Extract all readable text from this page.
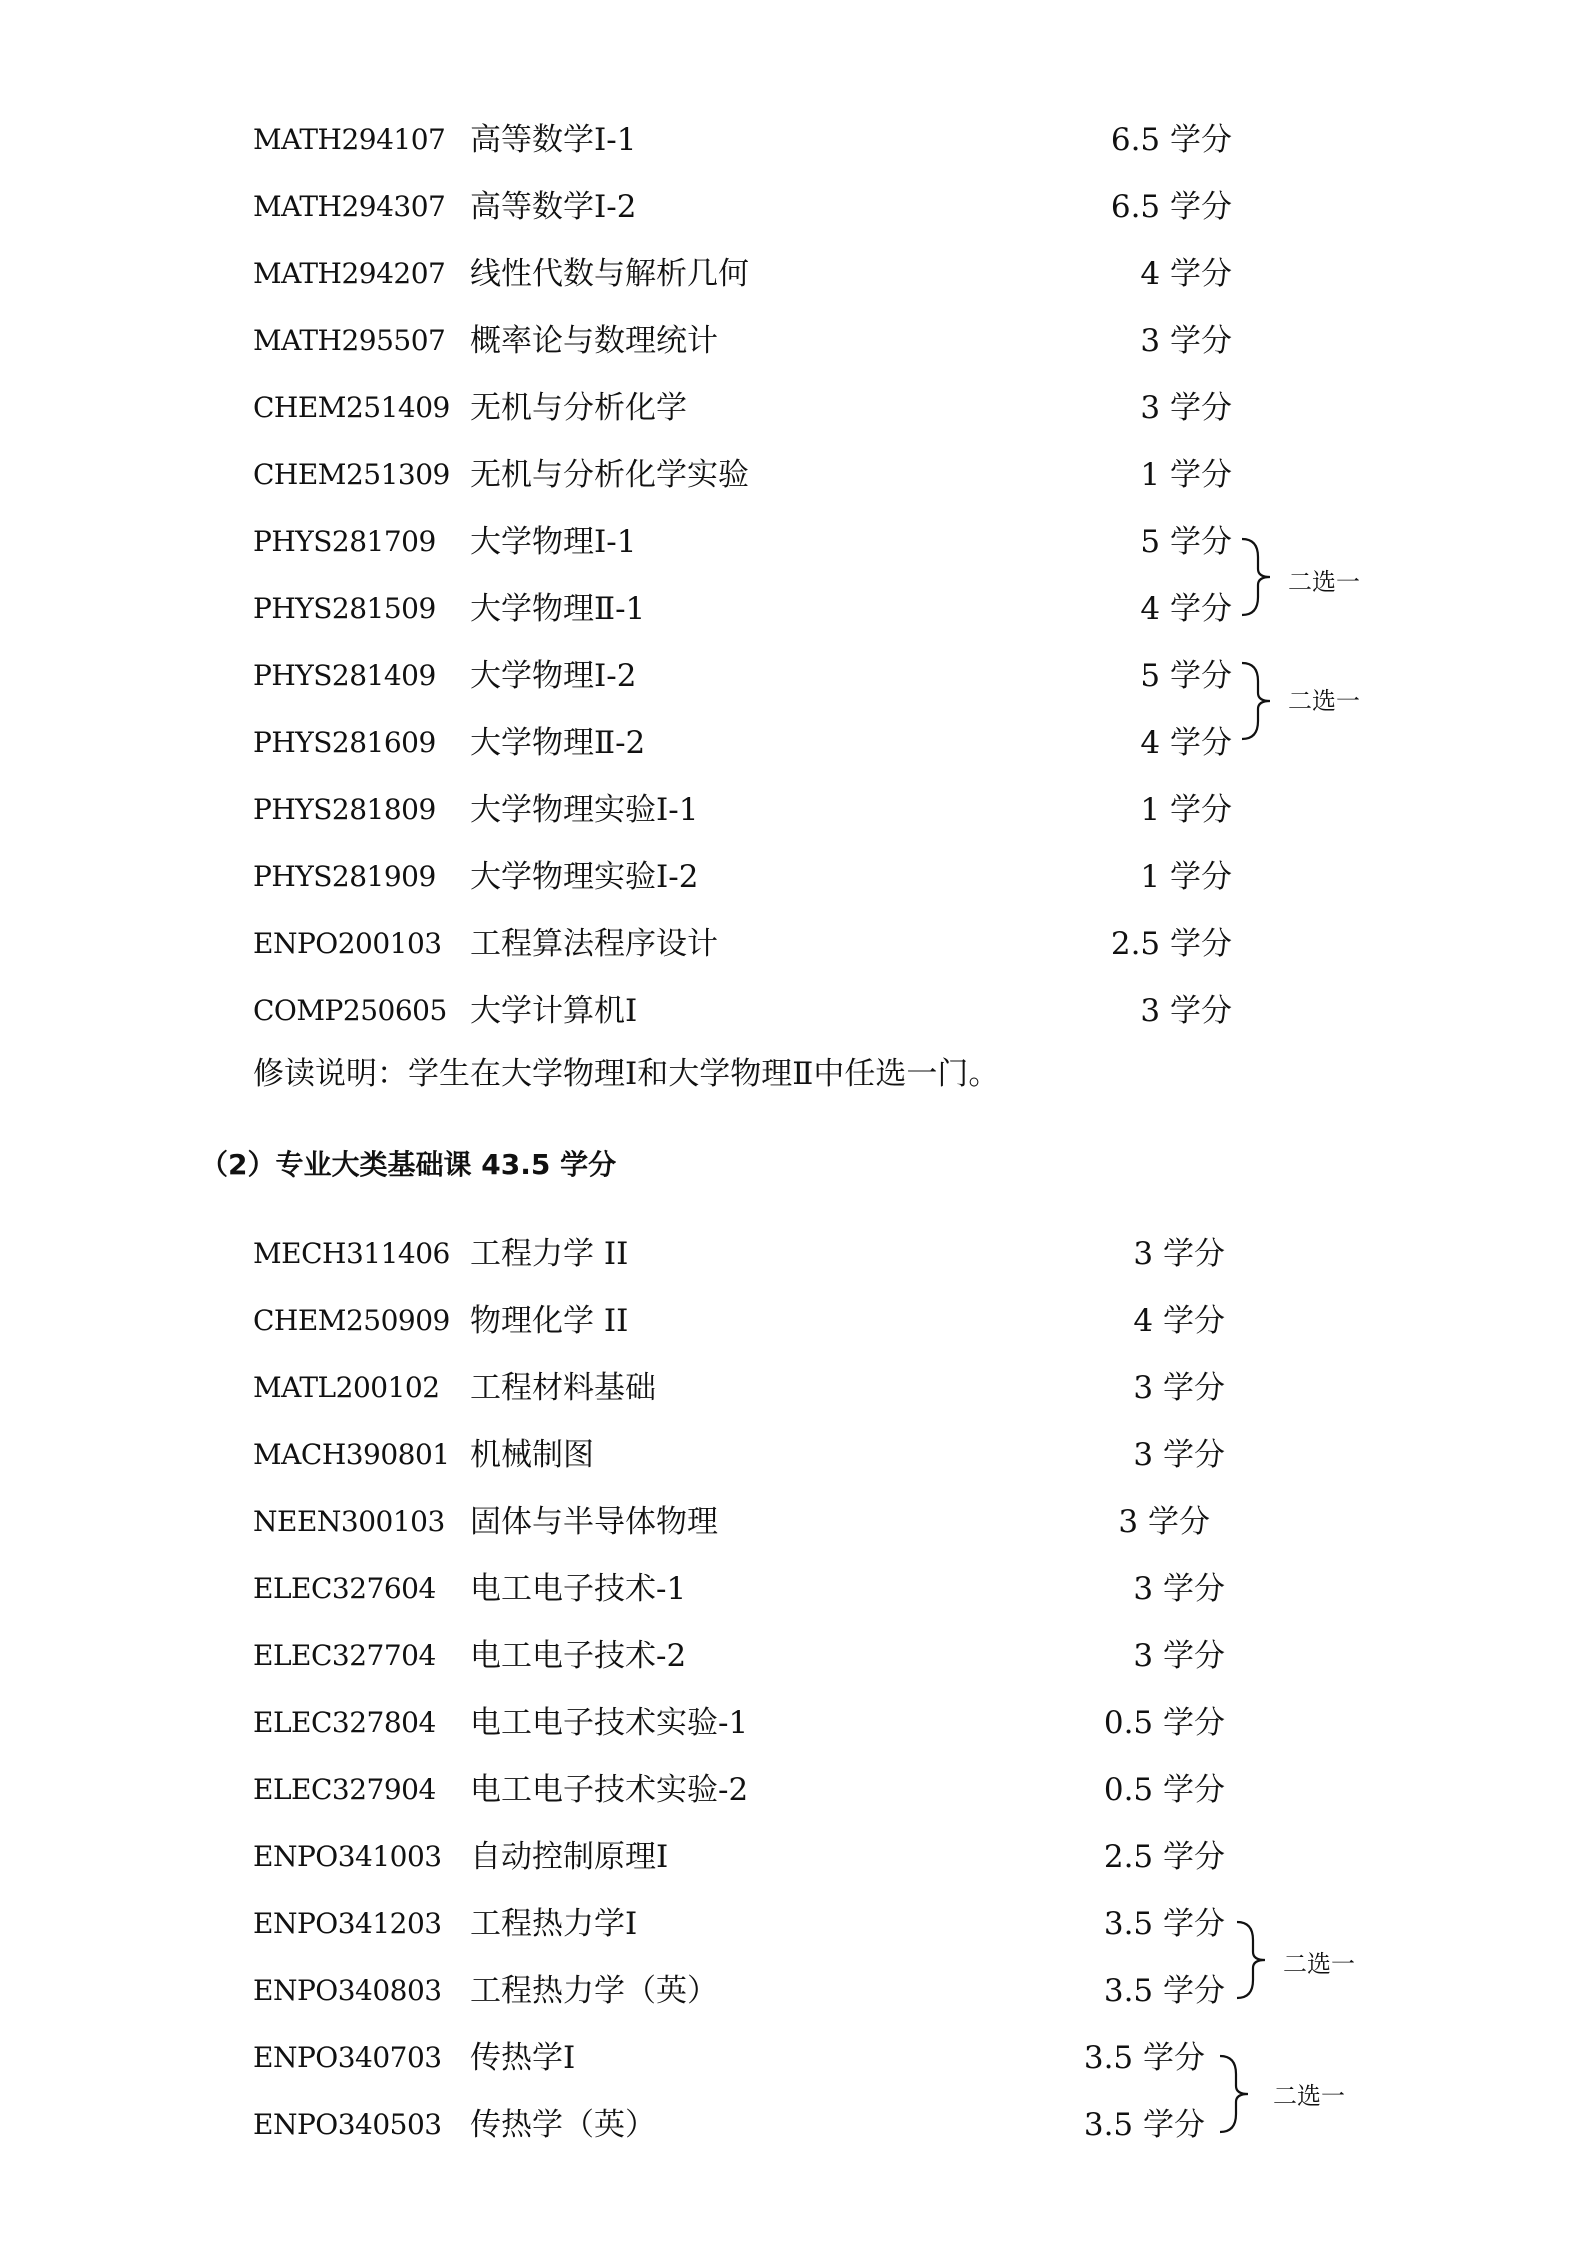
MATH294107 高等数学Ⅰ-1	6.5 学分
MATH294307 高等数学Ⅰ-2	6.5 学分
MATH294207 线性代数与解析几何	4 学分
MATH295507 概率论与数理统计	3 学分
CHEM251409 无机与分析化学	3 学分
CHEM251309 无机与分析化学实验	1 学分
PHYS281709 大学物理Ⅰ-1	5 学分
PHYS281509 大学物理Ⅱ-1	4 学分
PHYS281409 大学物理Ⅰ-2	5 学分
PHYS281609 大学物理Ⅱ-2	4 学分
PHYS281809 大学物理实验Ⅰ-1	1 学分
PHYS281909 大学物理实验Ⅰ-2	1 学分
ENPO200103 工程算法程序设计	2.5 学分
COMP250605 大学计算机Ⅰ	3 学分
二选一
二选一
修读说明：学生在大学物理Ⅰ和大学物理Ⅱ中任选一门。
（2）专业大类基础课 43.5 学分
MECH311406 工程力学 II	3 学分
CHEM250909 物理化学 II	4 学分
MATL200102 工程材料基础	3 学分
MACH390801 机械制图	3 学分
NEEN300103 固体与半导体物理	3 学分
ELEC327604 电工电子技术-1	3 学分
ELEC327704 电工电子技术-2	3 学分
ELEC327804 电工电子技术实验-1	0.5 学分
ELEC327904 电工电子技术实验-2	0.5 学分
ENPO341003 自动控制原理Ⅰ	2.5 学分
ENPO341203 工程热力学Ⅰ	3.5 学分
ENPO340803 工程热力学（英）	3.5 学分
ENPO340703 传热学Ⅰ	3.5 学分
ENPO340503 传热学（英）	3.5 学分
二选一
二选一
